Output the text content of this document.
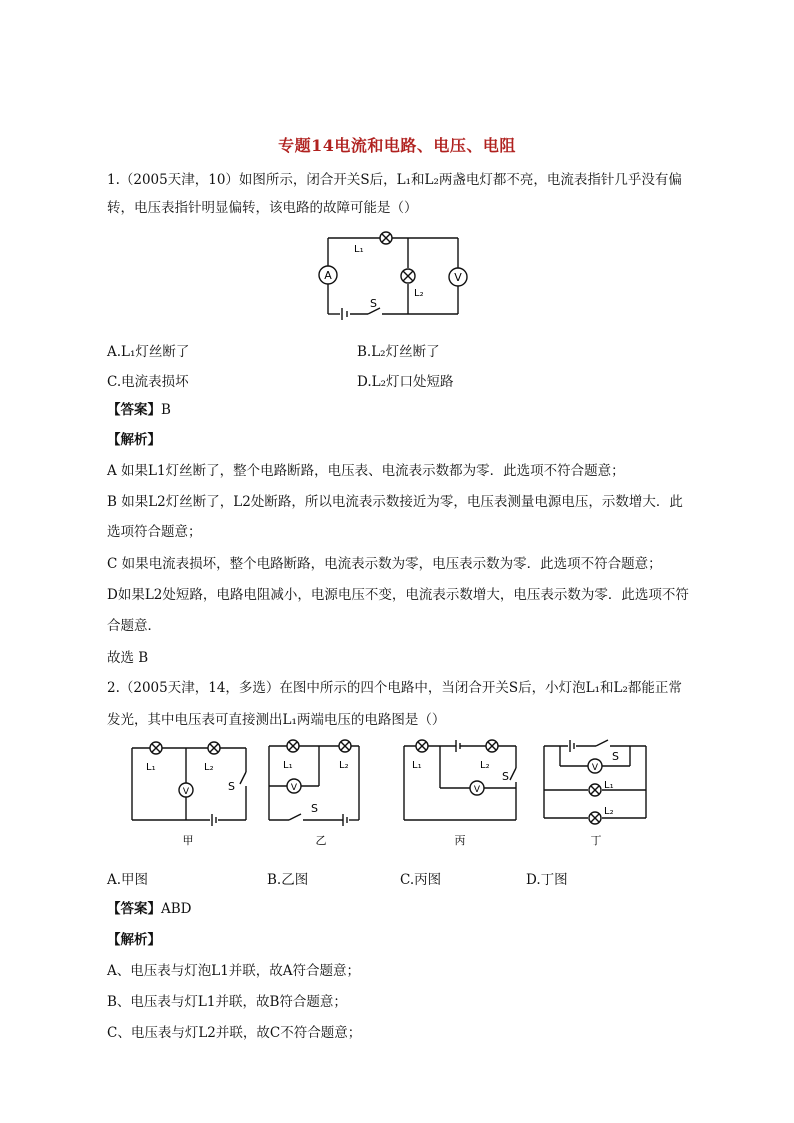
专题14电流和电路、电压、电阻
1.（2005天津，10）如图所示，闭合开关S后，L₁和L₂两盏电灯都不亮，电流表指针几乎没有偏
转，电压表指针明显偏转，该电路的故障可能是（）
A	V
L₁
L₂
S
A.L₁灯丝断了	B.L₂灯丝断了
C.电流表损坏	D.L₂灯口处短路
【答案】B
【解析】
A 如果L1灯丝断了，整个电路断路，电压表、电流表示数都为零．此选项不符合题意；
B 如果L2灯丝断了，L2处断路，所以电流表示数接近为零，电压表测量电源电压，示数增大．此
选项符合题意；
C 如果电流表损坏，整个电路断路，电流表示数为零，电压表示数为零．此选项不符合题意；
D如果L2处短路，电路电阻减小，电源电压不变，电流表示数增大，电压表示数为零．此选项不符
合题意．
故选 B
2.（2005天津，14，多选）在图中所示的四个电路中，当闭合开关S后，小灯泡L₁和L₂都能正常
发光，其中电压表可直接测出L₁两端电压的电路图是（）
V
L₁	L₂
S
甲
V
L₁	L₂
S
乙
V
L₁	L₂
S
丙
V
S
L₁
L₂
丁
A.甲图	B.乙图	C.丙图	D.丁图
【答案】ABD
【解析】
A、电压表与灯泡L1并联，故A符合题意；
B、电压表与灯L1并联，故B符合题意；
C、电压表与灯L2并联，故C不符合题意；
